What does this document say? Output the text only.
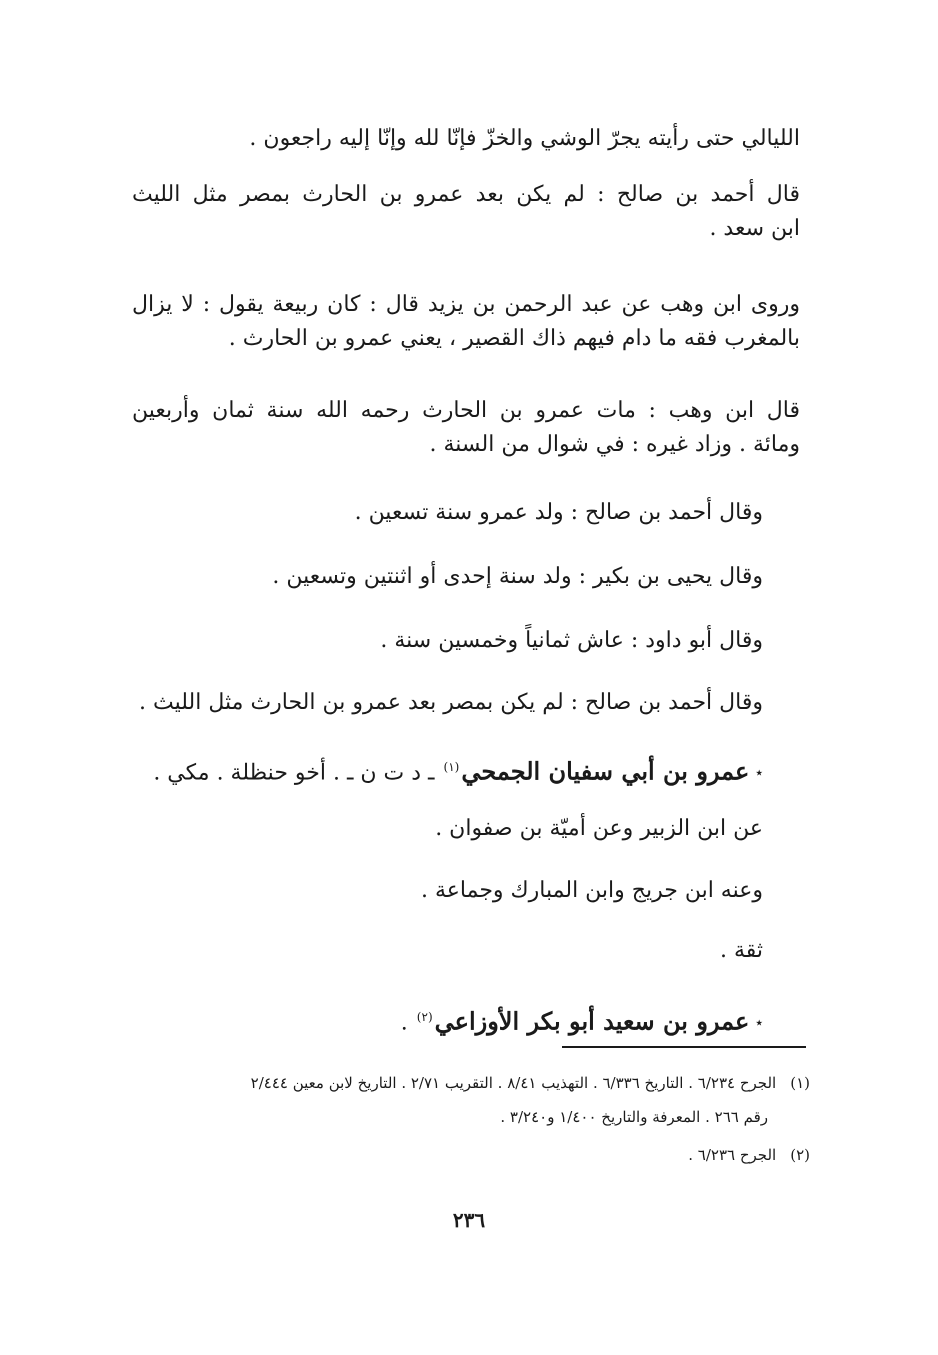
الليالي حتى رأيته يجرّ الوشي والخزّ فإنّا لله وإنّا إليه راجعون .
قال أحمد بن صالح : لم يكن بعد عمرو بن الحارث بمصر مثل الليث
ابن سعد .
وروى ابن وهب عن عبد الرحمن بن يزيد قال : كان ربيعة يقول : لا يزال
بالمغرب فقه ما دام فيهم ذاك القصير ، يعني عمرو بن الحارث .
قال ابن وهب : مات عمرو بن الحارث رحمه الله سنة ثمان وأربعين
ومائة . وزاد غيره : في شوال من السنة .
وقال أحمد بن صالح : ولد عمرو سنة تسعين .
وقال يحيى بن بكير : ولد سنة إحدى أو اثنتين وتسعين .
وقال أبو داود : عاش ثمانياً وخمسين سنة .
وقال أحمد بن صالح : لم يكن بمصر بعد عمرو بن الحارث مثل الليث .
٭عمرو بن أبي سفيان الجمحي$^{(١)}$ ـ د ت ن ـ . أخو حنظلة . مكي .
عن ابن الزبير وعن أميّة بن صفوان .
وعنه ابن جريج وابن المبارك وجماعة .
ثقة .
٭عمرو بن سعيد أبو بكر الأوزاعي$^{(٢)}$ .
(١)الجرح ٦/٢٣٤ . التاريخ ٦/٣٣٦ . التهذيب ٨/٤١ . التقريب ٢/٧١ . التاريخ لابن معين ٢/٤٤٤
رقم ٢٦٦ . المعرفة والتاريخ ١/٤٠٠ و٣/٢٤٠ .
(٢)الجرح ٦/٢٣٦ .
٢٣٦
